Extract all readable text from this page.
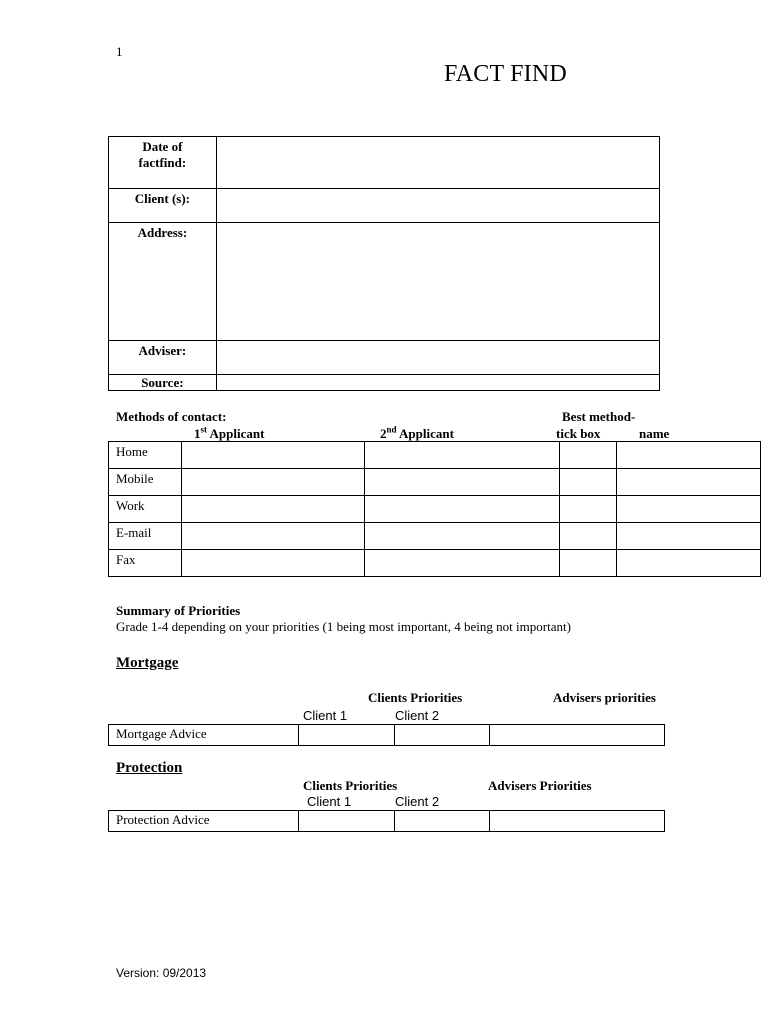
1
FACT FIND
Date of
factfind:	
Client (s):	
Address:	
Adviser:	
Source:	
Methods of contact:	Best method-
1st Applicant	2nd Applicant	tick box	name
Home				
Mobile				
Work				
E-mail				
Fax				
Summary of Priorities
Grade 1-4 depending on your priorities (1 being most important, 4 being not important)
Mortgage
Clients Priorities	Advisers priorities
Client 1	Client 2
Mortgage Advice			
Protection
Clients Priorities	Advisers Priorities
Client 1	Client 2
Protection Advice			
Version: 09/2013
